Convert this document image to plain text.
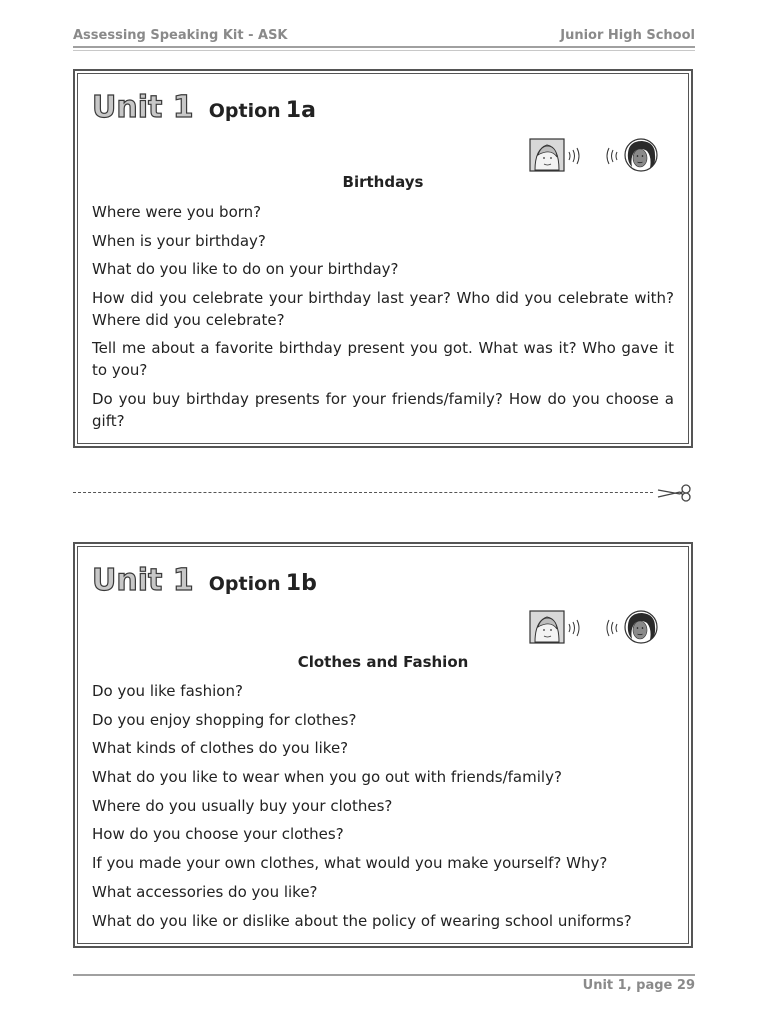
Assessing Speaking Kit - ASK	Junior High School
Unit 1 Option 1a
Birthdays
Where were you born?
When is your birthday?
What do you like to do on your birthday?
How did you celebrate your birthday last year? Who did you celebrate with? Where did you celebrate?
Tell me about a favorite birthday present you got. What was it? Who gave it to you?
Do you buy birthday presents for your friends/family? How do you choose a gift?
Unit 1 Option 1b
Clothes and Fashion
Do you like fashion?
Do you enjoy shopping for clothes?
What kinds of clothes do you like?
What do you like to wear when you go out with friends/family?
Where do you usually buy your clothes?
How do you choose your clothes?
If you made your own clothes, what would you make yourself? Why?
What accessories do you like?
What do you like or dislike about the policy of wearing school uniforms?
Unit 1, page 29
